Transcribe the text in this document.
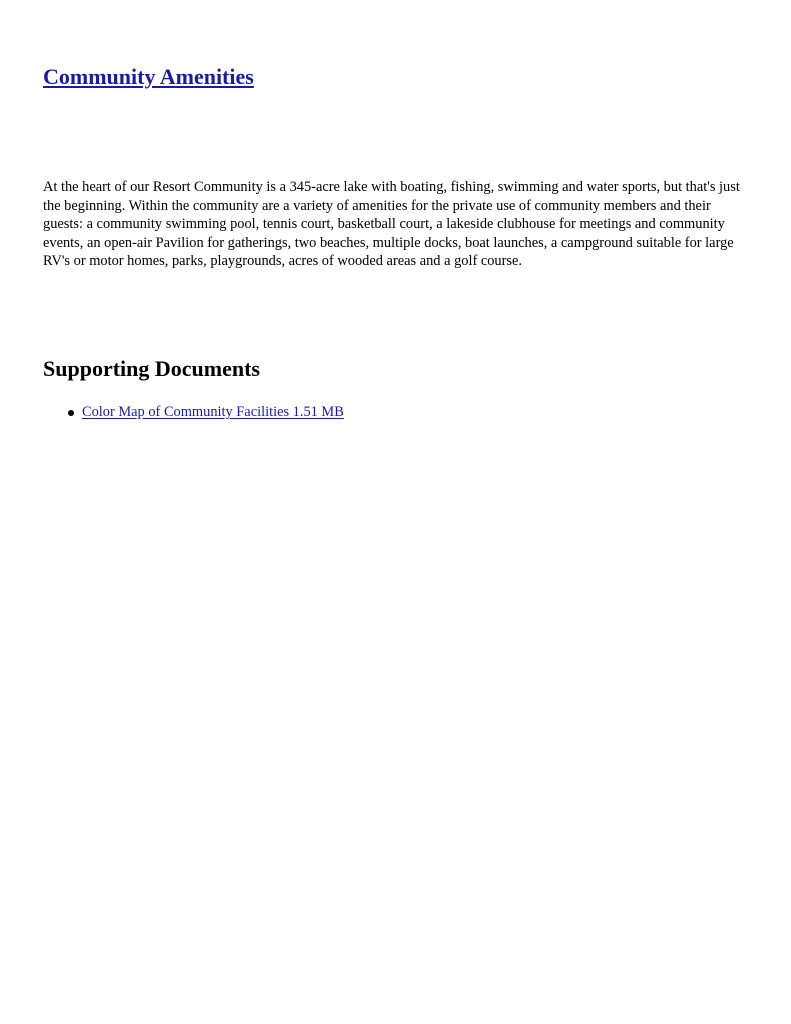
Community Amenities

At the heart of our Resort Community is a 345-acre lake with boating, fishing, swimming and water sports, but that's just the beginning. Within the community are a variety of amenities for the private use of community members and their guests: a community swimming pool, tennis court, basketball court, a lakeside clubhouse for meetings and community events, an open-air Pavilion for gatherings, two beaches, multiple docks, boat launches, a campground suitable for large RV's or motor homes, parks, playgrounds, acres of wooded areas and a golf course.

Supporting Documents
Color Map of Community Facilities 1.51 MB
